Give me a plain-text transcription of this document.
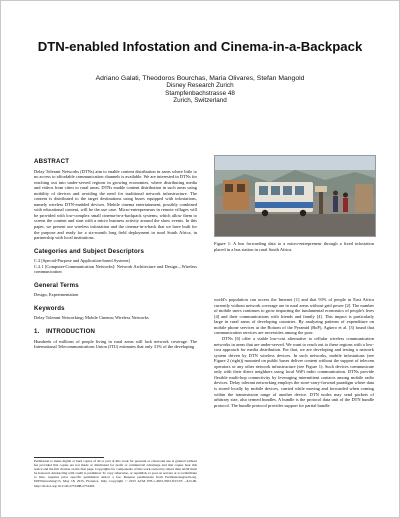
DTN-enabled Infostation and Cinema-in-a-Backpack
Adriano Galati, Theodoros Bourchas, Maria Olivares, Stefan Mangold
Disney Research Zurich
Stampfenbachstrasse 48
Zurich, Switzerland
ABSTRACT

Delay Tolerant Networks (DTNs) aim to enable content distribution in areas where little to no access to affordable communication channels is available. We are interested in DTNs for reaching out into under-served regions in growing economies, where distributing media and videos from cities to rural areas. DTNs enable content distribution in such areas using mobility of devices and avoiding the need for traditional network infrastructure. The content is distributed to the target destinations using buses equipped with infostations, namely wireless DTN-enabled devices. Mobile cinema entertainment, possibly combined with educational content, will be the use case. Micro-entrepreneurs in remote villages will be provided with low-complex small cinema-in-a-backpack systems, which allow them to screen the content and start with a micro business activity around the show events. In this paper, we present our wireless infostation and the cinema-in-a-back that we have built for the purpose and ready for a six-month long field deployment in rural South Africa, in partnership with local institutions.

Categories and Subject Descriptors

C.2 [Special-Purpose and Application-based Systems]

C.2.1 [Computer-Communication Networks]: Network Architecture and Design—Wireless communication

General Terms

Design, Experimentation

Keywords

Delay Tolerant Networking; Mobile Cinema; Wireless Networks

1.	INTRODUCTION

Hundreds of millions of people living in rural areas still lack network coverage. The International Telecommunications Union (ITU) estimates that only 31% of the developing

Permission to make digital or hard copies of all or part of this work for personal or classroom use is granted without fee provided that copies are not made or distributed for profit or commercial advantage and that copies bear this notice and the full citation on the first page. Copyrights for components of this work owned by others than ACM must be honored. Abstracting with credit is permitted. To copy otherwise, or republish, to post on servers or to redistribute to lists, requires prior specific permission and/or a fee. Request permissions from Permissions@acm.org. DIYNetworking'15, May 18, 2015, Florence, Italy. Copyright © 2015 ACM 978-1-4503-3503-8/15/05 ...$15.00. http://dx.doi.org/10.1145/2753488.2753493.
Figure 1: A bus forwarding data to a micro-entrepreneur through a fixed infostation placed in a bus station in rural South Africa.

world's population can access the Internet [1] and that 93% of people in East Africa currently without network coverage are in rural areas without grid power [2]. The number of mobile users continues to grow impacting the fundamental economics of people's lives [4] and their communications with friends and family [4]. This impact is particularly large in rural areas of developing countries. By analyzing patterns of expenditure on mobile phone services at the Bottom of the Pyramid (BoP), Agüero et al. [3] found that communication services are necessities among the poor.

DTNs [6] offer a viable low-cost alternative to cellular wireless communication networks in areas that are under-served. We want to reach out to these regions with a low-cost approach for media distribution. For that, we are developing and testing a network system driven by DTN wireless devices. In such networks, mobile infostations (see Figure 2 (right)) mounted on public buses deliver content without the support of telecom operators or any other network infrastructure (see Figure 1). Such devices communicate only with their direct neighbors using local WiFi radio communication. DTNs provide flexible multi-hop connectivity by leveraging intermittent contacts among mobile radio devices. Delay tolerant networking employs the store-carry-forward paradigm where data is stored locally by mobile devices, carried while moving and forwarded when coming within the transmission range of another device. DTN nodes may send packets of arbitrary size, also termed bundles. A bundle is the protocol data unit of the DTN bundle protocol. The bundle protocol provides support for partial bundle
